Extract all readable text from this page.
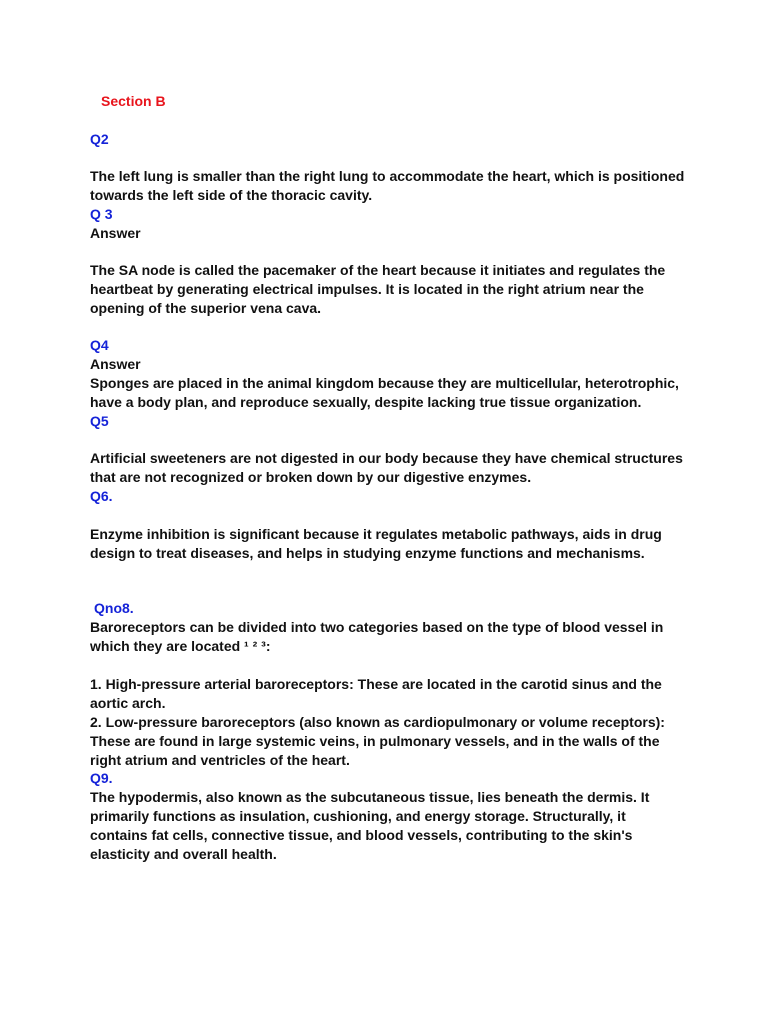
Section B

Q2

The left lung is smaller than the right lung to accommodate the heart, which is positioned

towards the left side of the thoracic cavity.

Q 3

Answer

The SA node is called the pacemaker of the heart because it initiates and regulates the

heartbeat by generating electrical impulses. It is located in the right atrium near the

opening of the superior vena cava.

Q4

Answer

Sponges are placed in the animal kingdom because they are multicellular, heterotrophic,

have a body plan, and reproduce sexually, despite lacking true tissue organization.

Q5

Artificial sweeteners are not digested in our body because they have chemical structures

that are not recognized or broken down by our digestive enzymes.

Q6.

Enzyme inhibition is significant because it regulates metabolic pathways, aids in drug

design to treat diseases, and helps in studying enzyme functions and mechanisms.

Qno8.

Baroreceptors can be divided into two categories based on the type of blood vessel in

which they are located ¹ ² ³:

1. High-pressure arterial baroreceptors: These are located in the carotid sinus and the

aortic arch.

2. Low-pressure baroreceptors (also known as cardiopulmonary or volume receptors):

These are found in large systemic veins, in pulmonary vessels, and in the walls of the

right atrium and ventricles of the heart.

Q9.

The hypodermis, also known as the subcutaneous tissue, lies beneath the dermis. It

primarily functions as insulation, cushioning, and energy storage. Structurally, it

contains fat cells, connective tissue, and blood vessels, contributing to the skin's

elasticity and overall health.
